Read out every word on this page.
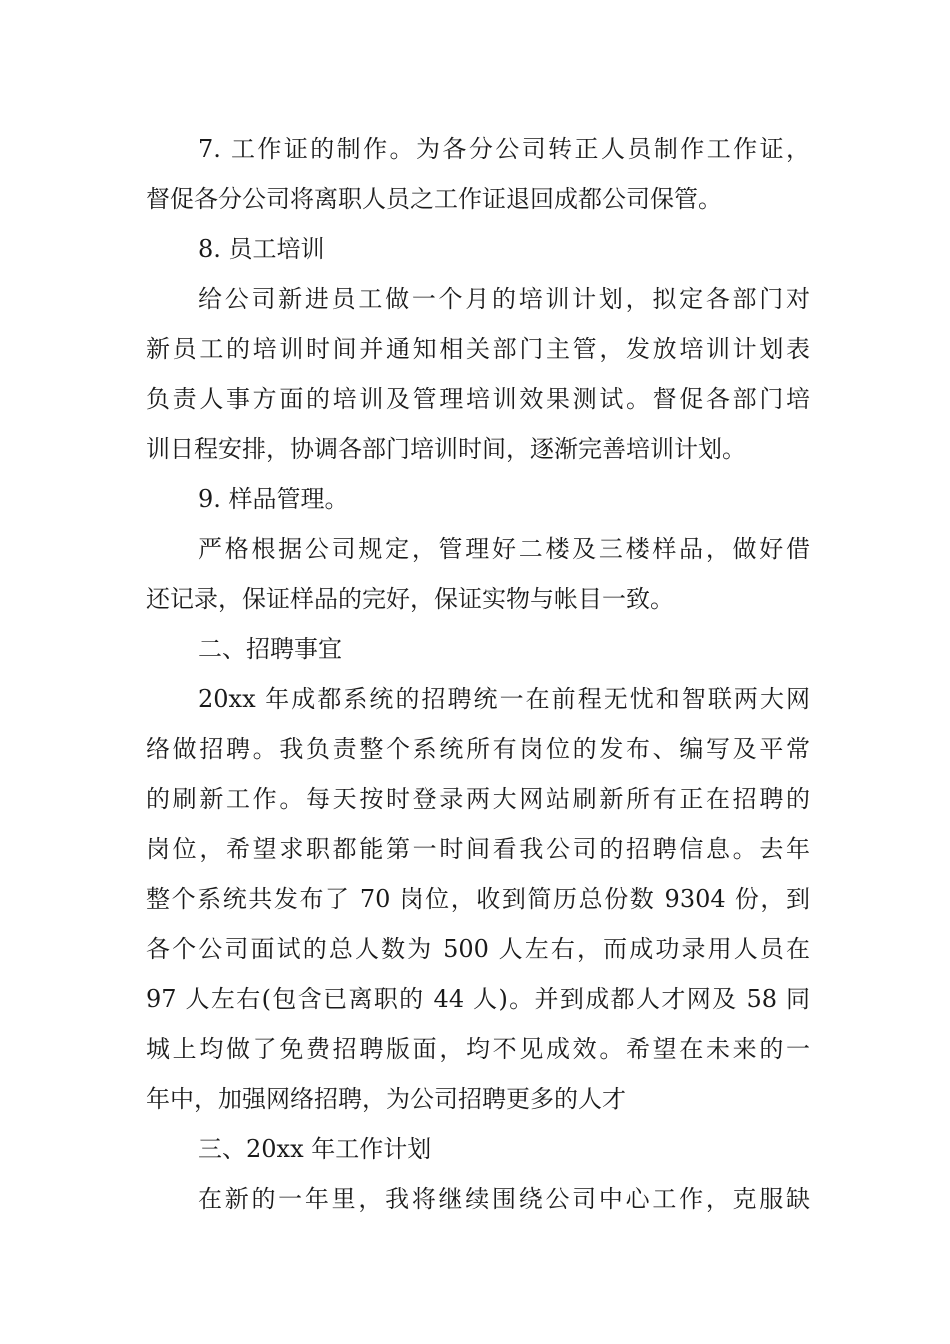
7. 工作证的制作。为各分公司转正人员制作工作证，
督促各分公司将离职人员之工作证退回成都公司保管。
8. 员工培训
给公司新进员工做一个月的培训计划，拟定各部门对
新员工的培训时间并通知相关部门主管，发放培训计划表
负责人事方面的培训及管理培训效果测试。督促各部门培
训日程安排，协调各部门培训时间，逐渐完善培训计划。
9. 样品管理。
严格根据公司规定，管理好二楼及三楼样品，做好借
还记录，保证样品的完好，保证实物与帐目一致。
二、招聘事宜
20xx 年成都系统的招聘统一在前程无忧和智联两大网
络做招聘。我负责整个系统所有岗位的发布、编写及平常
的刷新工作。每天按时登录两大网站刷新所有正在招聘的
岗位，希望求职都能第一时间看我公司的招聘信息。去年
整个系统共发布了 70 岗位，收到简历总份数 9304 份，到
各个公司面试的总人数为 500 人左右，而成功录用人员在
97 人左右(包含已离职的 44 人)。并到成都人才网及 58 同
城上均做了免费招聘版面，均不见成效。希望在未来的一
年中，加强网络招聘，为公司招聘更多的人才
三、20xx 年工作计划
在新的一年里，我将继续围绕公司中心工作，克服缺
